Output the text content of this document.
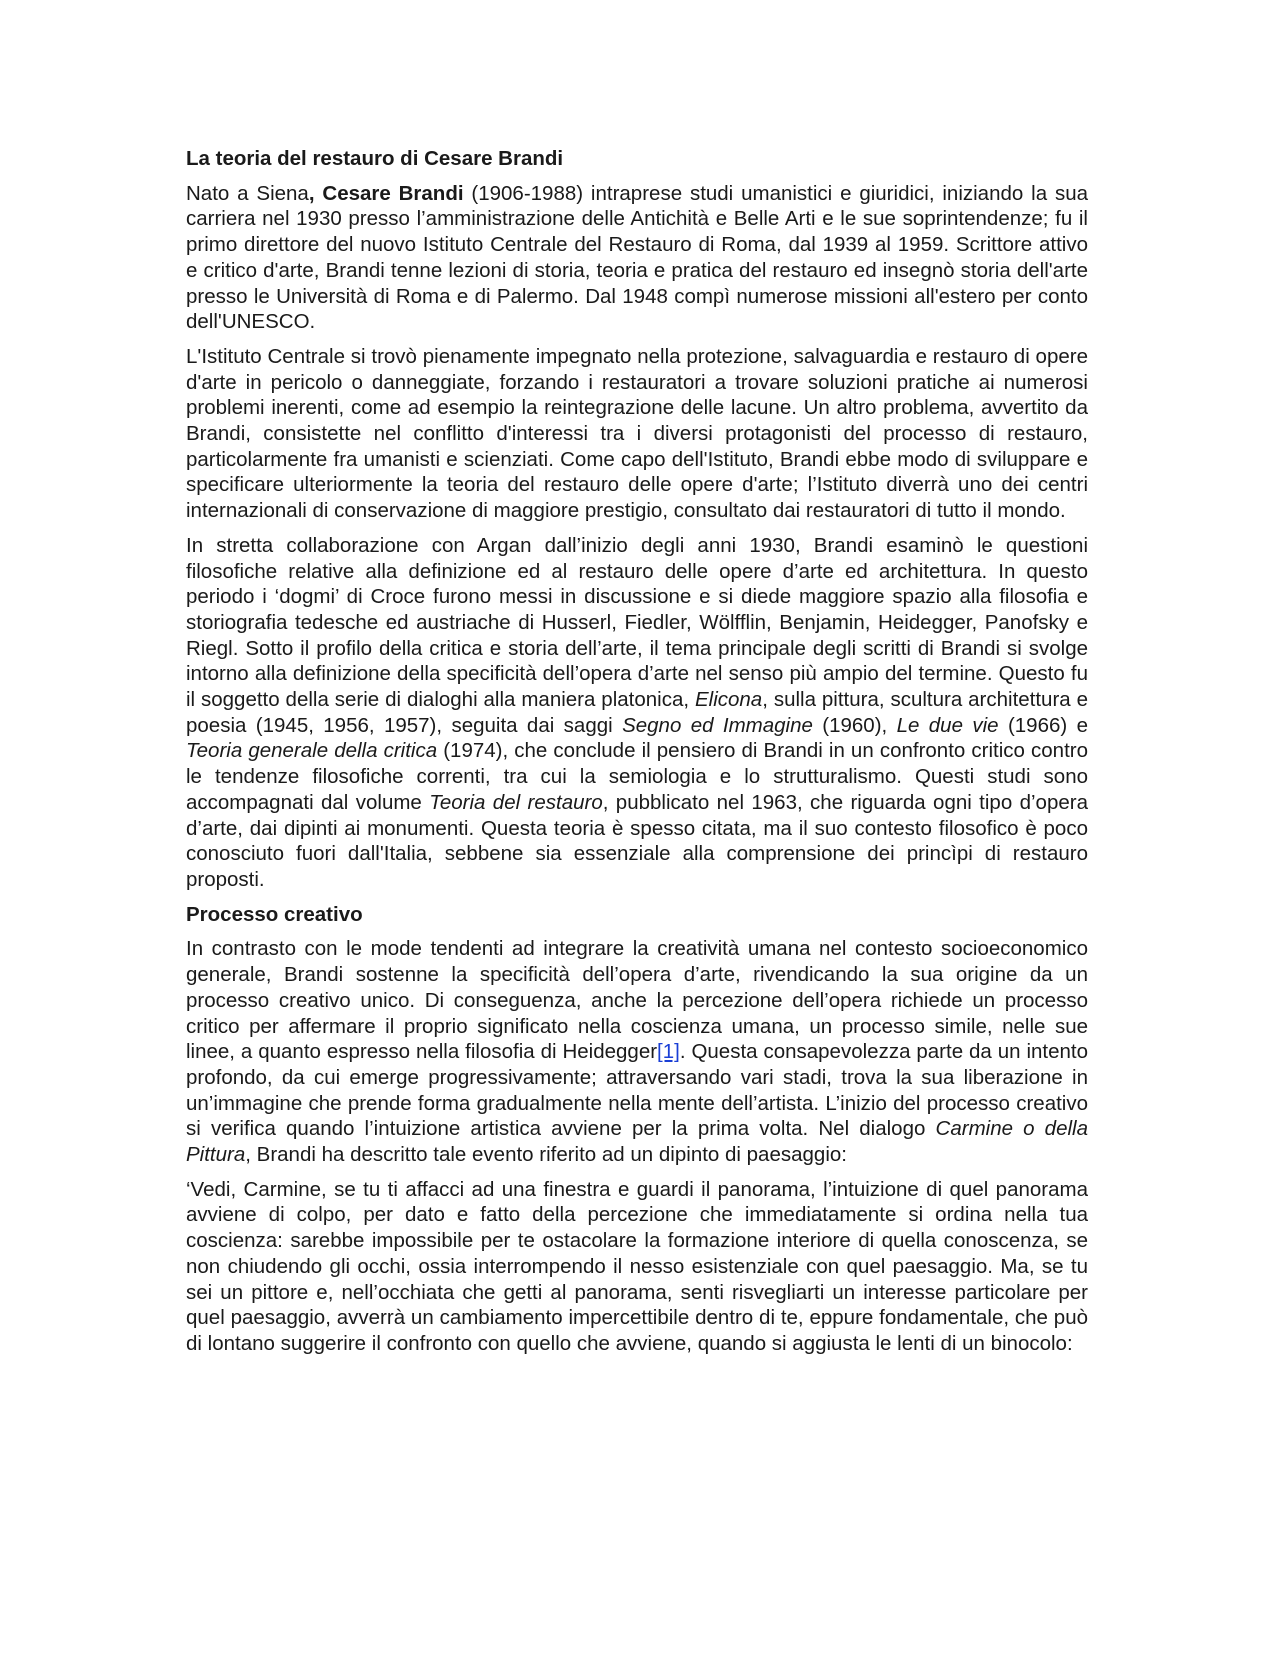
La teoria del restauro di Cesare Brandi

Nato a Siena, Cesare Brandi (1906-1988) intraprese studi umanistici e giuridici, iniziando la sua carriera nel 1930 presso l’amministrazione delle Antichità e Belle Arti e le sue soprintendenze; fu il primo direttore del nuovo Istituto Centrale del Restauro di Roma, dal 1939 al 1959. Scrittore attivo e critico d'arte, Brandi tenne lezioni di storia, teoria e pratica del restauro ed insegnò storia dell'arte presso le Università di Roma e di Palermo. Dal 1948 compì numerose missioni all'estero per conto dell'UNESCO.

L'Istituto Centrale si trovò pienamente impegnato nella protezione, salvaguardia e restauro di opere d'arte in pericolo o danneggiate, forzando i restauratori a trovare soluzioni pratiche ai numerosi problemi inerenti, come ad esempio la reintegrazione delle lacune. Un altro problema, avvertito da Brandi, consistette nel conflitto d'interessi tra i diversi protagonisti del processo di restauro, particolarmente fra umanisti e scienziati. Come capo dell'Istituto, Brandi ebbe modo di sviluppare e specificare ulteriormente la teoria del restauro delle opere d'arte; l’Istituto diverrà uno dei centri internazionali di conservazione di maggiore prestigio, consultato dai restauratori di tutto il mondo.

In stretta collaborazione con Argan dall’inizio degli anni 1930, Brandi esaminò le questioni filosofiche relative alla definizione ed al restauro delle opere d’arte ed architettura. In questo periodo i ‘dogmi’ di Croce furono messi in discussione e si diede maggiore spazio alla filosofia e storiografia tedesche ed austriache di Husserl, Fiedler, Wölfflin, Benjamin, Heidegger, Panofsky e Riegl. Sotto il profilo della critica e storia dell’arte, il tema principale degli scritti di Brandi si svolge intorno alla definizione della specificità dell’opera d’arte nel senso più ampio del termine. Questo fu il soggetto della serie di dialoghi alla maniera platonica, Elicona, sulla pittura, scultura architettura e poesia (1945, 1956, 1957), seguita dai saggi Segno ed Immagine (1960), Le due vie (1966) e Teoria generale della critica (1974), che conclude il pensiero di Brandi in un confronto critico contro le tendenze filosofiche correnti, tra cui la semiologia e lo strutturalismo. Questi studi sono accompagnati dal volume Teoria del restauro, pubblicato nel 1963, che riguarda ogni tipo d’opera d’arte, dai dipinti ai monumenti. Questa teoria è spesso citata, ma il suo contesto filosofico è poco conosciuto fuori dall'Italia, sebbene sia essenziale alla comprensione dei princìpi di restauro proposti.

Processo creativo

In contrasto con le mode tendenti ad integrare la creatività umana nel contesto socioeconomico generale, Brandi sostenne la specificità dell’opera d’arte, rivendicando la sua origine da un processo creativo unico. Di conseguenza, anche la percezione dell’opera richiede un processo critico per affermare il proprio significato nella coscienza umana, un processo simile, nelle sue linee, a quanto espresso nella filosofia di Heidegger[1]. Questa consapevolezza parte da un intento profondo, da cui emerge progressivamente; attraversando vari stadi, trova la sua liberazione in un’immagine che prende forma gradualmente nella mente dell’artista. L’inizio del processo creativo si verifica quando l’intuizione artistica avviene per la prima volta. Nel dialogo Carmine o della Pittura, Brandi ha descritto tale evento riferito ad un dipinto di paesaggio:

‘Vedi, Carmine, se tu ti affacci ad una finestra e guardi il panorama, l’intuizione di quel panorama avviene di colpo, per dato e fatto della percezione che immediatamente si ordina nella tua coscienza: sarebbe impossibile per te ostacolare la formazione interiore di quella conoscenza, se non chiudendo gli occhi, ossia interrompendo il nesso esistenziale con quel paesaggio. Ma, se tu sei un pittore e, nell’occhiata che getti al panorama, senti risvegliarti un interesse particolare per quel paesaggio, avverrà un cambiamento impercettibile dentro di te, eppure fondamentale, che può di lontano suggerire il confronto con quello che avviene, quando si aggiusta le lenti di un binocolo:
